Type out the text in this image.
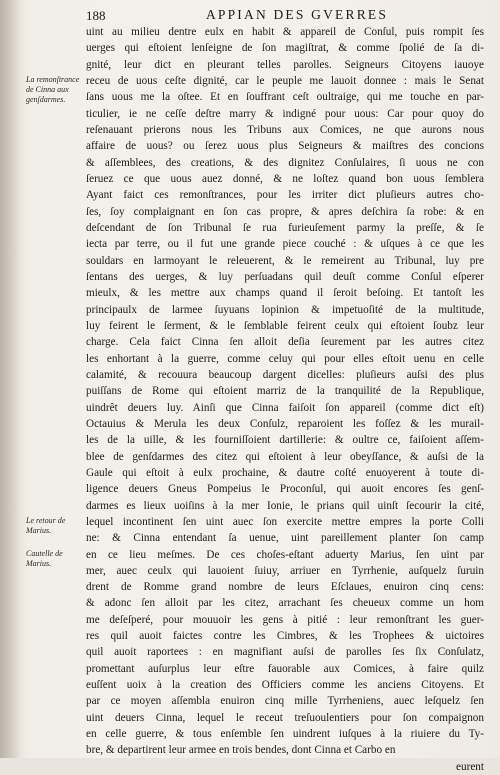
188	APPIAN DES GVERRES
La remonſtrance de Cinna aux genſdarmes.
Le retour de Marius.
Cautelle de Marius.
uint au milieu dentre eulx en habit & appareil de Conſul, puis rompit ſes
uerges qui eſtoient lenſeigne de ſon magiſtrat, & comme ſpolié de ſa di-
gnité, leur dict en pleurant telles parolles. Seigneurs Citoyens iauoye
receu de uous ceſte dignité, car le peuple me lauoit donnee : mais le Senat
ſans uous me la oſtee. Et en ſouffrant ceſt oultraige, qui me touche en par-
ticulier, ie ne ceſſe deſtre marry & indigné pour uous: Car pour quoy do
reſenauant prierons nous les Tribuns aux Comices, ne que aurons nous
affaire de uous? ou ſerez uous plus Seigneurs & maiſtres des concions
& aſſemblees, des creations, & des dignitez Conſulaires, ſi uous ne con
ſeruez ce que uous auez donné, & ne loſtez quand bon uous ſemblera
Ayant faict ces remonſtrances, pour les irriter dict pluſieurs autres cho-
ſes, ſoy complaignant en ſon cas propre, & apres deſchira ſa robe: & en
deſcendant de ſon Tribunal ſe rua furieuſement parmy la preſſe, & ſe
iecta par terre, ou il fut une grande piece couché : & uſques à ce que les
souldars en larmoyant le releuerent, & le remeirent au Tribunal, luy pre
ſentans des uerges, & luy perſuadans quil deuſt comme Conſul eſperer
mieulx, & les mettre aux champs quand il ſeroit beſoing. Et tantoſt les
principaulx de larmee ſuyuans lopinion & impetuoſité de la multitude,
luy feirent le ſerment, & le ſemblable feirent ceulx qui eſtoient ſoubz leur
charge. Cela faict Cinna ſen alloit deſia ſeurement par les autres citez
les enhortant à la guerre, comme celuy qui pour elles eſtoit uenu en celle
calamité, & recouura beaucoup dargent dicelles: pluſieurs auſsi des plus
puiſſans de Rome qui eſtoient marriz de la tranquilité de la Republique,
uindrêt deuers luy. Ainſi que Cinna faiſoit ſon appareil (comme dict eſt)
Octauius & Merula les deux Conſulz, reparoient les foſſez & les murail-
les de la uille, & les fourniſſoient dartillerie: & oultre ce, faiſoient aſſem-
blee de genſdarmes des citez qui eſtoient à leur obeyſſance, & auſsi de la
Gaule qui eſtoit à eulx prochaine, & dautre coſté enuoyerent à toute di-
ligence deuers Gneus Pompeius le Proconſul, qui auoit encores ſes genſ-
darmes es lieux uoiſins à la mer Ionie, le prians quil uinſt ſecourir la cité,
lequel incontinent ſen uint auec ſon exercite mettre empres la porte Colli
ne: & Cinna entendant ſa uenue, uint pareillement planter ſon camp
en ce lieu meſmes. De ces choſes-eſtant aduerty Marius, ſen uint par
mer, auec ceulx qui lauoient ſuiuy, arriuer en Tyrrhenie, auſquelz ſuruin
drent de Romme grand nombre de leurs Eſclaues, enuiron cinq cens:
& adonc ſen alloit par les citez, arrachant ſes cheueux comme un hom
me deſeſperé, pour mouuoir les gens à pitié : leur remonſtrant les guer-
res quil auoit faictes contre les Cimbres, & les Trophees & uictoires
quil auoit raportees : en magnifiant auſsi de parolles ſes ſix Conſulatz,
promettant auſurplus leur eſtre fauorable aux Comices, à faire quilz
euſſent uoix à la creation des Officiers comme les anciens Citoyens. Et
par ce moyen aſſembla enuiron cinq mille Tyrrheniens, auec leſquelz ſen
uint deuers Cinna, lequel le receut treſuoulentiers pour ſon compaignon
en celle guerre, & tous enſemble ſen uindrent iuſques à la riuiere du Ty-
bre, & departirent leur armee en trois bendes, dont Cinna et Carbo en
eurent
